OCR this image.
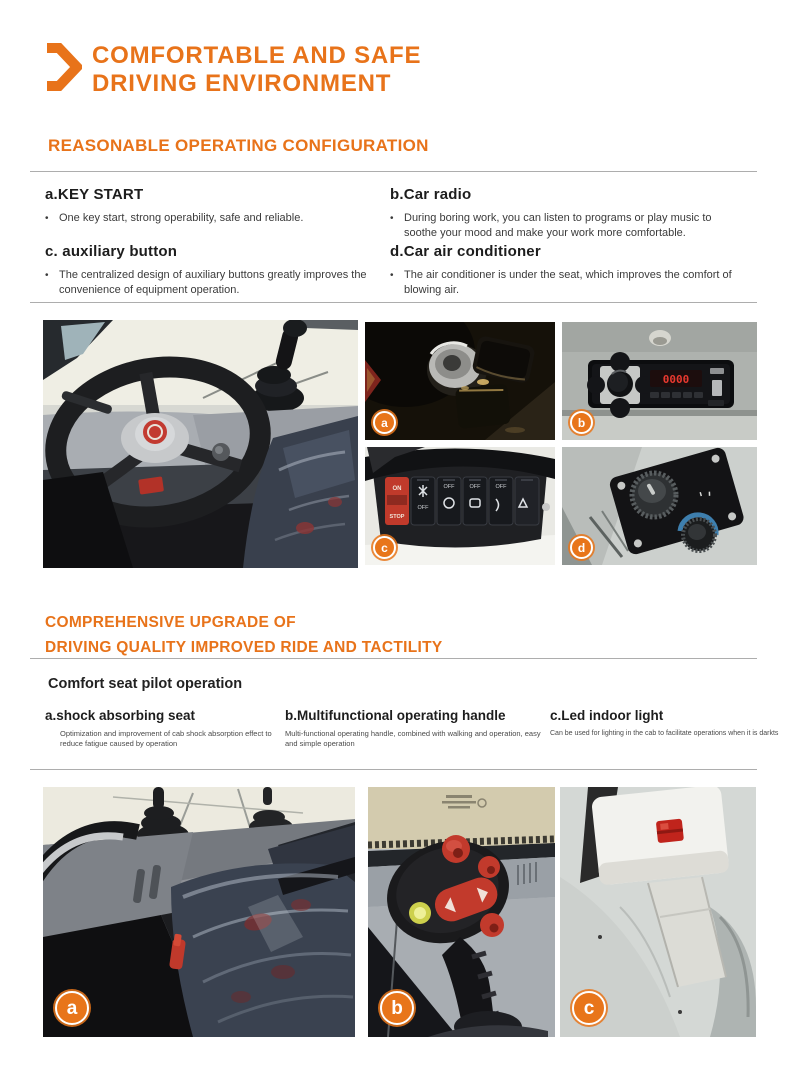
COMFORTABLE AND SAFE
DRIVING ENVIRONMENT
REASONABLE OPERATING CONFIGURATION
a.KEY START
• One key start, strong operability, safe and reliable.
b.Car radio
• During boring work, you can listen to programs or play music to soothe your mood and make your work more comfortable.
c. auxiliary button
• The centralized design of auxiliary buttons greatly improves the convenience of equipment operation.
d.Car air conditioner
• The air conditioner is under the seat, which improves the comfort of blowing air.
a
0000
b
ON
STOP
OFF	OFF	OFF
OFF
c	d
COMPREHENSIVE UPGRADE OF
DRIVING QUALITY IMPROVED RIDE AND TACTILITY
Comfort seat pilot operation
a.shock absorbing seat
Optimization and improvement of cab shock absorption effect to reduce fatigue caused by operation
b.Multifunctional operating handle
Multi-functional operating handle, combined with walking and operation, easy and simple operation
c.Led indoor light
Can be used for lighting in the cab to facilitate operations when it is darkts
a	b	c
